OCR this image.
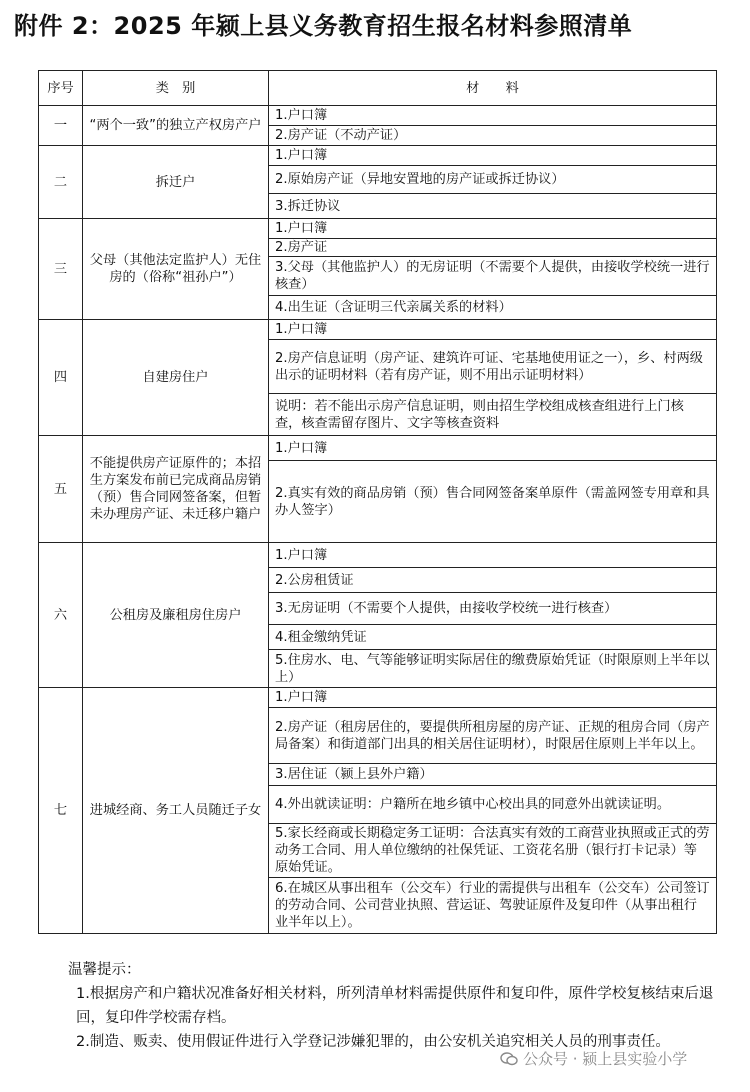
附件 2：2025 年颍上县义务教育招生报名材料参照清单
序号	类　别	材　　料
一	“两个一致”的独立产权房产户	1.户口簿
		2.房产证（不动产证）
二	拆迁户	1.户口簿
		2.原始房产证（异地安置地的房产证或拆迁协议）
		3.拆迁协议
三	父母（其他法定监护人）无住房的（俗称“祖孙户”）	1.户口簿
		2.房产证
		3.父母（其他监护人）的无房证明（不需要个人提供，由接收学校统一进行核查）
		4.出生证（含证明三代亲属关系的材料）
四	自建房住户	1.户口簿
		2.房产信息证明（房产证、建筑许可证、宅基地使用证之一），乡、村两级出示的证明材料（若有房产证，则不用出示证明材料）
		说明：若不能出示房产信息证明，则由招生学校组成核查组进行上门核查，核查需留存图片、文字等核查资料
五	不能提供房产证原件的；本招生方案发布前已完成商品房销（预）售合同网签备案，但暂未办理房产证、未迁移户籍户	1.户口簿
		2.真实有效的商品房销（预）售合同网签备案单原件（需盖网签专用章和具办人签字）
六	公租房及廉租房住房户	1.户口簿
		2.公房租赁证
		3.无房证明（不需要个人提供，由接收学校统一进行核查）
		4.租金缴纳凭证
		5.住房水、电、气等能够证明实际居住的缴费原始凭证（时限原则上半年以上）
七	进城经商、务工人员随迁子女	1.户口簿
		2.房产证（租房居住的，要提供所租房屋的房产证、正规的租房合同（房产局备案）和街道部门出具的相关居住证明材），时限居住原则上半年以上。
		3.居住证（颍上县外户籍）
		4.外出就读证明：户籍所在地乡镇中心校出具的同意外出就读证明。
		5.家长经商或长期稳定务工证明：合法真实有效的工商营业执照或正式的劳动务工合同、用人单位缴纳的社保凭证、工资花名册（银行打卡记录）等原始凭证。
		6.在城区从事出租车（公交车）行业的需提供与出租车（公交车）公司签订的劳动合同、公司营业执照、营运证、驾驶证原件及复印件（从事出租行业半年以上）。

温馨提示：

1.根据房产和户籍状况准备好相关材料，所列清单材料需提供原件和复印件，原件学校复核结束后退回，复印件学校需存档。

2.制造、贩卖、使用假证件进行入学登记涉嫌犯罪的，由公安机关追究相关人员的刑事责任。

公众号 · 颍上县实验小学
